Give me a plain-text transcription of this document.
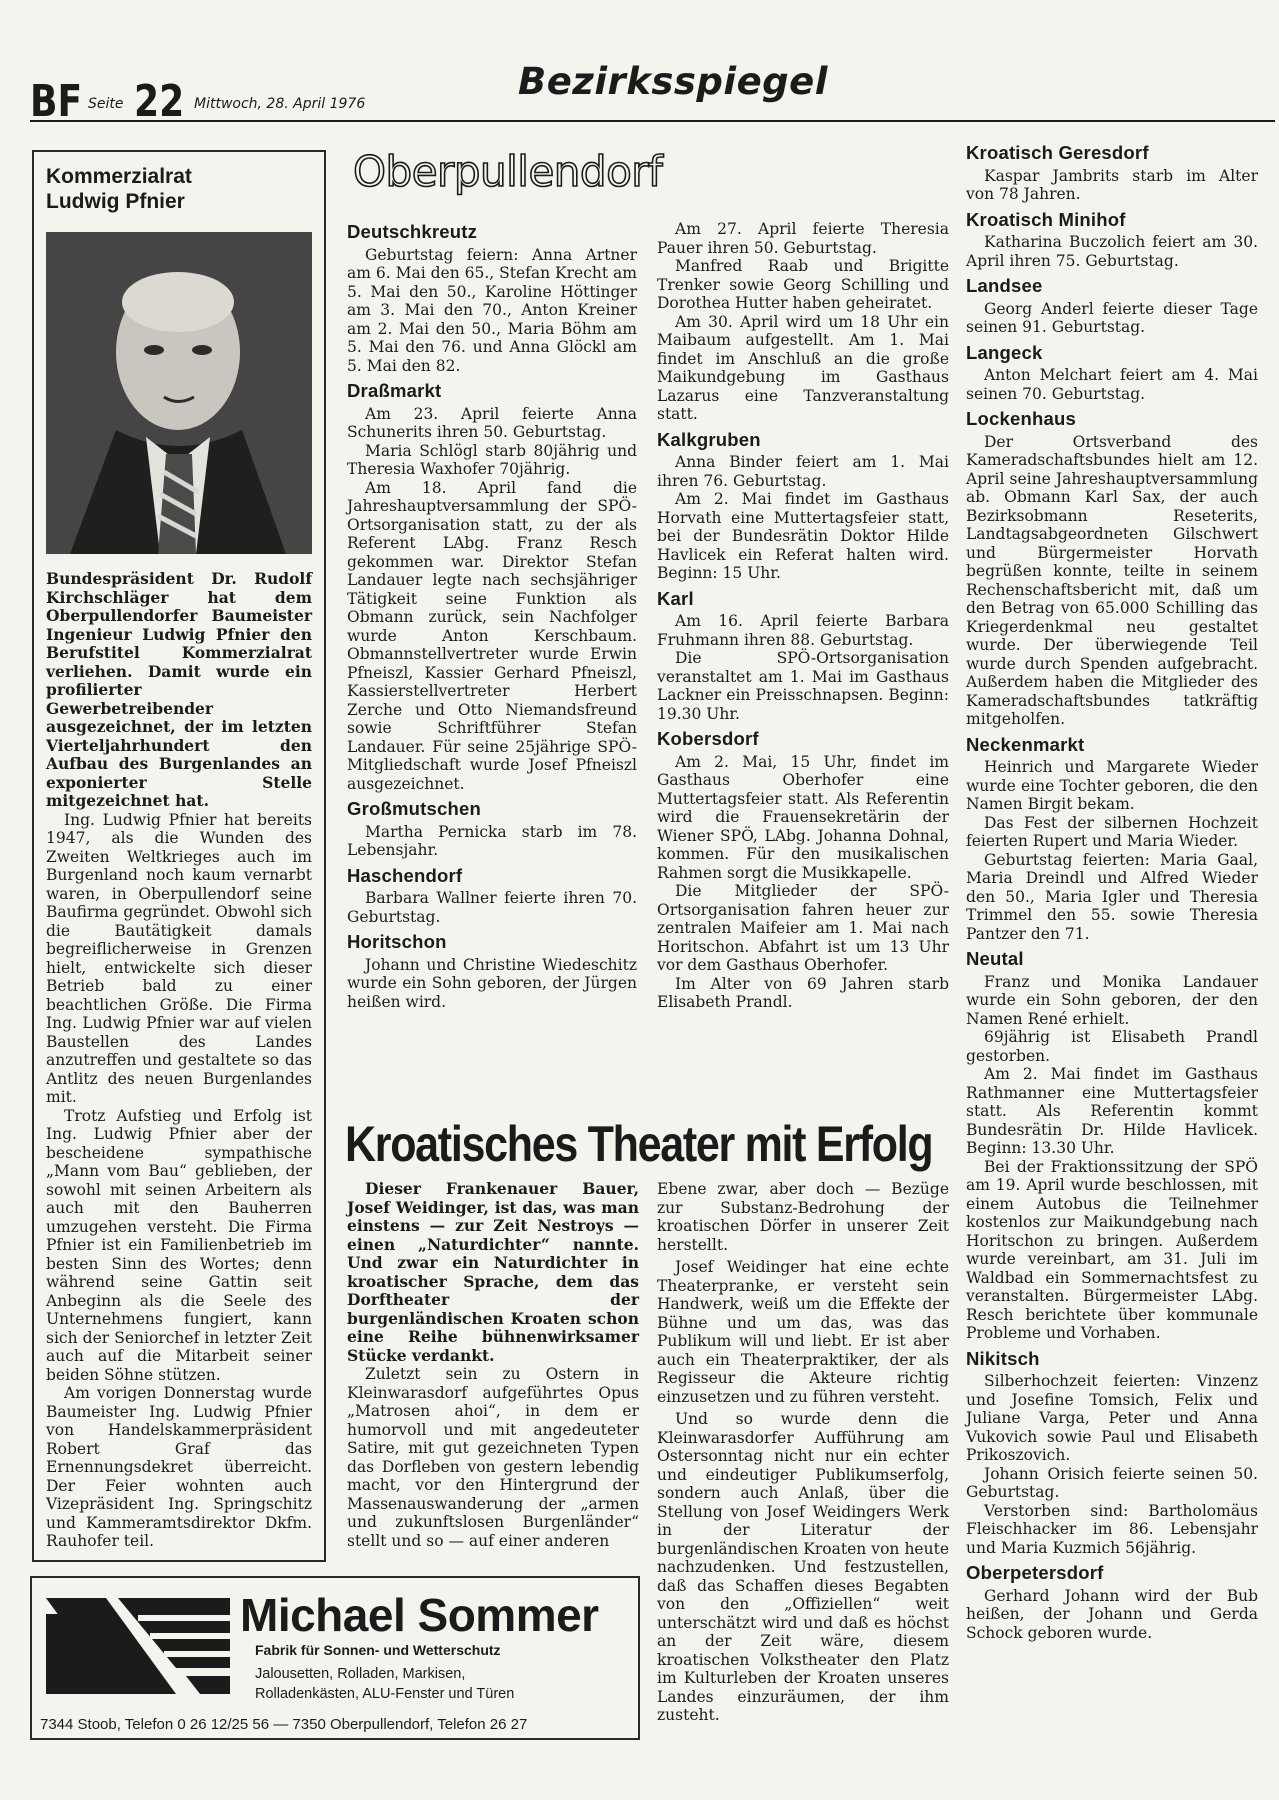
BF Seite 22 Mittwoch, 28. April 1976
Bezirksspiegel
Kommerzialrat
Ludwig Pfnier

Bundespräsident Dr. Rudolf Kirchschläger hat dem Oberpullendorfer Baumeister Ingenieur Ludwig Pfnier den Berufstitel Kommerzialrat verliehen. Damit wurde ein profilierter Gewerbetreibender ausgezeichnet, der im letzten Vierteljahrhundert den Aufbau des Burgenlandes an exponierter Stelle mitgezeichnet hat.

Ing. Ludwig Pfnier hat bereits 1947, als die Wunden des Zweiten Weltkrieges auch im Burgenland noch kaum vernarbt waren, in Oberpullendorf seine Baufirma gegründet. Obwohl sich die Bautätigkeit damals begreiflicherweise in Grenzen hielt, entwickelte sich dieser Betrieb bald zu einer beachtlichen Größe. Die Firma Ing. Ludwig Pfnier war auf vielen Baustellen des Landes anzutreffen und gestaltete so das Antlitz des neuen Burgenlandes mit.

Trotz Aufstieg und Erfolg ist Ing. Ludwig Pfnier aber der bescheidene sympathische „Mann vom Bau“ geblieben, der sowohl mit seinen Arbeitern als auch mit den Bauherren umzugehen versteht. Die Firma Pfnier ist ein Familienbetrieb im besten Sinn des Wortes; denn während seine Gattin seit Anbeginn als die Seele des Unternehmens fungiert, kann sich der Seniorchef in letzter Zeit auch auf die Mitarbeit seiner beiden Söhne stützen.

Am vorigen Donnerstag wurde Baumeister Ing. Ludwig Pfnier von Handelskammerpräsident Robert Graf das Ernennungsdekret überreicht. Der Feier wohnten auch Vizepräsident Ing. Springschitz und Kammeramtsdirektor Dkfm. Rauhofer teil.

Oberpullendorf
Deutschkreutz

Geburtstag feiern: Anna Artner am 6. Mai den 65., Stefan Krecht am 5. Mai den 50., Karoline Höttinger am 3. Mai den 70., Anton Kreiner am 2. Mai den 50., Maria Böhm am 5. Mai den 76. und Anna Glöckl am 5. Mai den 82.

Draßmarkt

Am 23. April feierte Anna Schunerits ihren 50. Geburtstag.

Maria Schlögl starb 80jährig und Theresia Waxhofer 70jährig.

Am 18. April fand die Jahreshauptversammlung der SPÖ-Ortsorganisation statt, zu der als Referent LAbg. Franz Resch gekommen war. Direktor Stefan Landauer legte nach sechsjähriger Tätigkeit seine Funktion als Obmann zurück, sein Nachfolger wurde Anton Kerschbaum. Obmannstellvertreter wurde Erwin Pfneiszl, Kassier Gerhard Pfneiszl, Kassierstellvertreter Herbert Zerche und Otto Niemandsfreund sowie Schriftführer Stefan Landauer. Für seine 25jährige SPÖ-Mitgliedschaft wurde Josef Pfneiszl ausgezeichnet.

Großmutschen

Martha Pernicka starb im 78. Lebensjahr.

Haschendorf

Barbara Wallner feierte ihren 70. Geburtstag.

Horitschon

Johann und Christine Wiedeschitz wurde ein Sohn geboren, der Jürgen heißen wird.

Am 27. April feierte Theresia Pauer ihren 50. Geburtstag.

Manfred Raab und Brigitte Trenker sowie Georg Schilling und Dorothea Hutter haben geheiratet.

Am 30. April wird um 18 Uhr ein Maibaum aufgestellt. Am 1. Mai findet im Anschluß an die große Maikundgebung im Gasthaus Lazarus eine Tanzveranstaltung statt.

Kalkgruben

Anna Binder feiert am 1. Mai ihren 76. Geburtstag.

Am 2. Mai findet im Gasthaus Horvath eine Muttertagsfeier statt, bei der Bundesrätin Doktor Hilde Havlicek ein Referat halten wird. Beginn: 15 Uhr.

Karl

Am 16. April feierte Barbara Fruhmann ihren 88. Geburtstag.

Die SPÖ-Ortsorganisation veranstaltet am 1. Mai im Gasthaus Lackner ein Preisschnapsen. Beginn: 19.30 Uhr.

Kobersdorf

Am 2. Mai, 15 Uhr, findet im Gasthaus Oberhofer eine Muttertagsfeier statt. Als Referentin wird die Frauensekretärin der Wiener SPÖ, LAbg. Johanna Dohnal, kommen. Für den musikalischen Rahmen sorgt die Musikkapelle.

Die Mitglieder der SPÖ-Ortsorganisation fahren heuer zur zentralen Maifeier am 1. Mai nach Horitschon. Abfahrt ist um 13 Uhr vor dem Gasthaus Oberhofer.

Im Alter von 69 Jahren starb Elisabeth Prandl.

Kroatisch Geresdorf

Kaspar Jambrits starb im Alter von 78 Jahren.

Kroatisch Minihof

Katharina Buczolich feiert am 30. April ihren 75. Geburtstag.

Landsee

Georg Anderl feierte dieser Tage seinen 91. Geburtstag.

Langeck

Anton Melchart feiert am 4. Mai seinen 70. Geburtstag.

Lockenhaus

Der Ortsverband des Kameradschaftsbundes hielt am 12. April seine Jahreshauptversammlung ab. Obmann Karl Sax, der auch Bezirksobmann Reseterits, Landtagsabgeordneten Gilschwert und Bürgermeister Horvath begrüßen konnte, teilte in seinem Rechenschaftsbericht mit, daß um den Betrag von 65.000 Schilling das Kriegerdenkmal neu gestaltet wurde. Der überwiegende Teil wurde durch Spenden aufgebracht. Außerdem haben die Mitglieder des Kameradschaftsbundes tatkräftig mitgeholfen.

Neckenmarkt

Heinrich und Margarete Wieder wurde eine Tochter geboren, die den Namen Birgit bekam.

Das Fest der silbernen Hochzeit feierten Rupert und Maria Wieder.

Geburtstag feierten: Maria Gaal, Maria Dreindl und Alfred Wieder den 50., Maria Igler und Theresia Trimmel den 55. sowie Theresia Pantzer den 71.

Neutal

Franz und Monika Landauer wurde ein Sohn geboren, der den Namen René erhielt.

69jährig ist Elisabeth Prandl gestorben.

Am 2. Mai findet im Gasthaus Rathmanner eine Muttertagsfeier statt. Als Referentin kommt Bundesrätin Dr. Hilde Havlicek. Beginn: 13.30 Uhr.

Bei der Fraktionssitzung der SPÖ am 19. April wurde beschlossen, mit einem Autobus die Teilnehmer kostenlos zur Maikundgebung nach Horitschon zu bringen. Außerdem wurde vereinbart, am 31. Juli im Waldbad ein Sommernachtsfest zu veranstalten. Bürgermeister LAbg. Resch berichtete über kommunale Probleme und Vorhaben.

Nikitsch

Silberhochzeit feierten: Vinzenz und Josefine Tomsich, Felix und Juliane Varga, Peter und Anna Vukovich sowie Paul und Elisabeth Prikoszovich.

Johann Orisich feierte seinen 50. Geburtstag.

Verstorben sind: Bartholomäus Fleischhacker im 86. Lebensjahr und Maria Kuzmich 56jährig.

Oberpetersdorf

Gerhard Johann wird der Bub heißen, der Johann und Gerda Schock geboren wurde.

Kroatisches Theater mit Erfolg

Dieser Frankenauer Bauer, Josef Weidinger, ist das, was man einstens — zur Zeit Nestroys — einen „Naturdichter“ nannte. Und zwar ein Naturdichter in kroatischer Sprache, dem das Dorftheater der burgenländischen Kroaten schon eine Reihe bühnenwirksamer Stücke verdankt.

Zuletzt sein zu Ostern in Kleinwarasdorf aufgeführtes Opus „Matrosen ahoi“, in dem er humorvoll und mit angedeuteter Satire, mit gut gezeichneten Typen das Dorfleben von gestern lebendig macht, vor den Hintergrund der Massenauswanderung der „armen und zukunftslosen Burgenländer“ stellt und so — auf einer anderen

Ebene zwar, aber doch — Bezüge zur Substanz-Bedrohung der kroatischen Dörfer in unserer Zeit herstellt.

Josef Weidinger hat eine echte Theaterpranke, er versteht sein Handwerk, weiß um die Effekte der Bühne und um das, was das Publikum will und liebt. Er ist aber auch ein Theaterpraktiker, der als Regisseur die Akteure richtig einzusetzen und zu führen versteht.

Und so wurde denn die Kleinwarasdorfer Aufführung am Ostersonntag nicht nur ein echter und eindeutiger Publikumserfolg, sondern auch Anlaß, über die Stellung von Josef Weidingers Werk in der Literatur der burgenländischen Kroaten von heute nachzudenken. Und festzustellen, daß das Schaffen dieses Begabten von den „Offiziellen“ weit unterschätzt wird und daß es höchst an der Zeit wäre, diesem kroatischen Volkstheater den Platz im Kulturleben der Kroaten unseres Landes einzuräumen, der ihm zusteht.

Michael Sommer
Fabrik für Sonnen- und Wetterschutz
Jalousetten, Rolladen, Markisen, Rolladenkästen, ALU-Fenster und Türen
7344 Stoob, Telefon 0 26 12/25 56 — 7350 Oberpullendorf, Telefon 26 27
